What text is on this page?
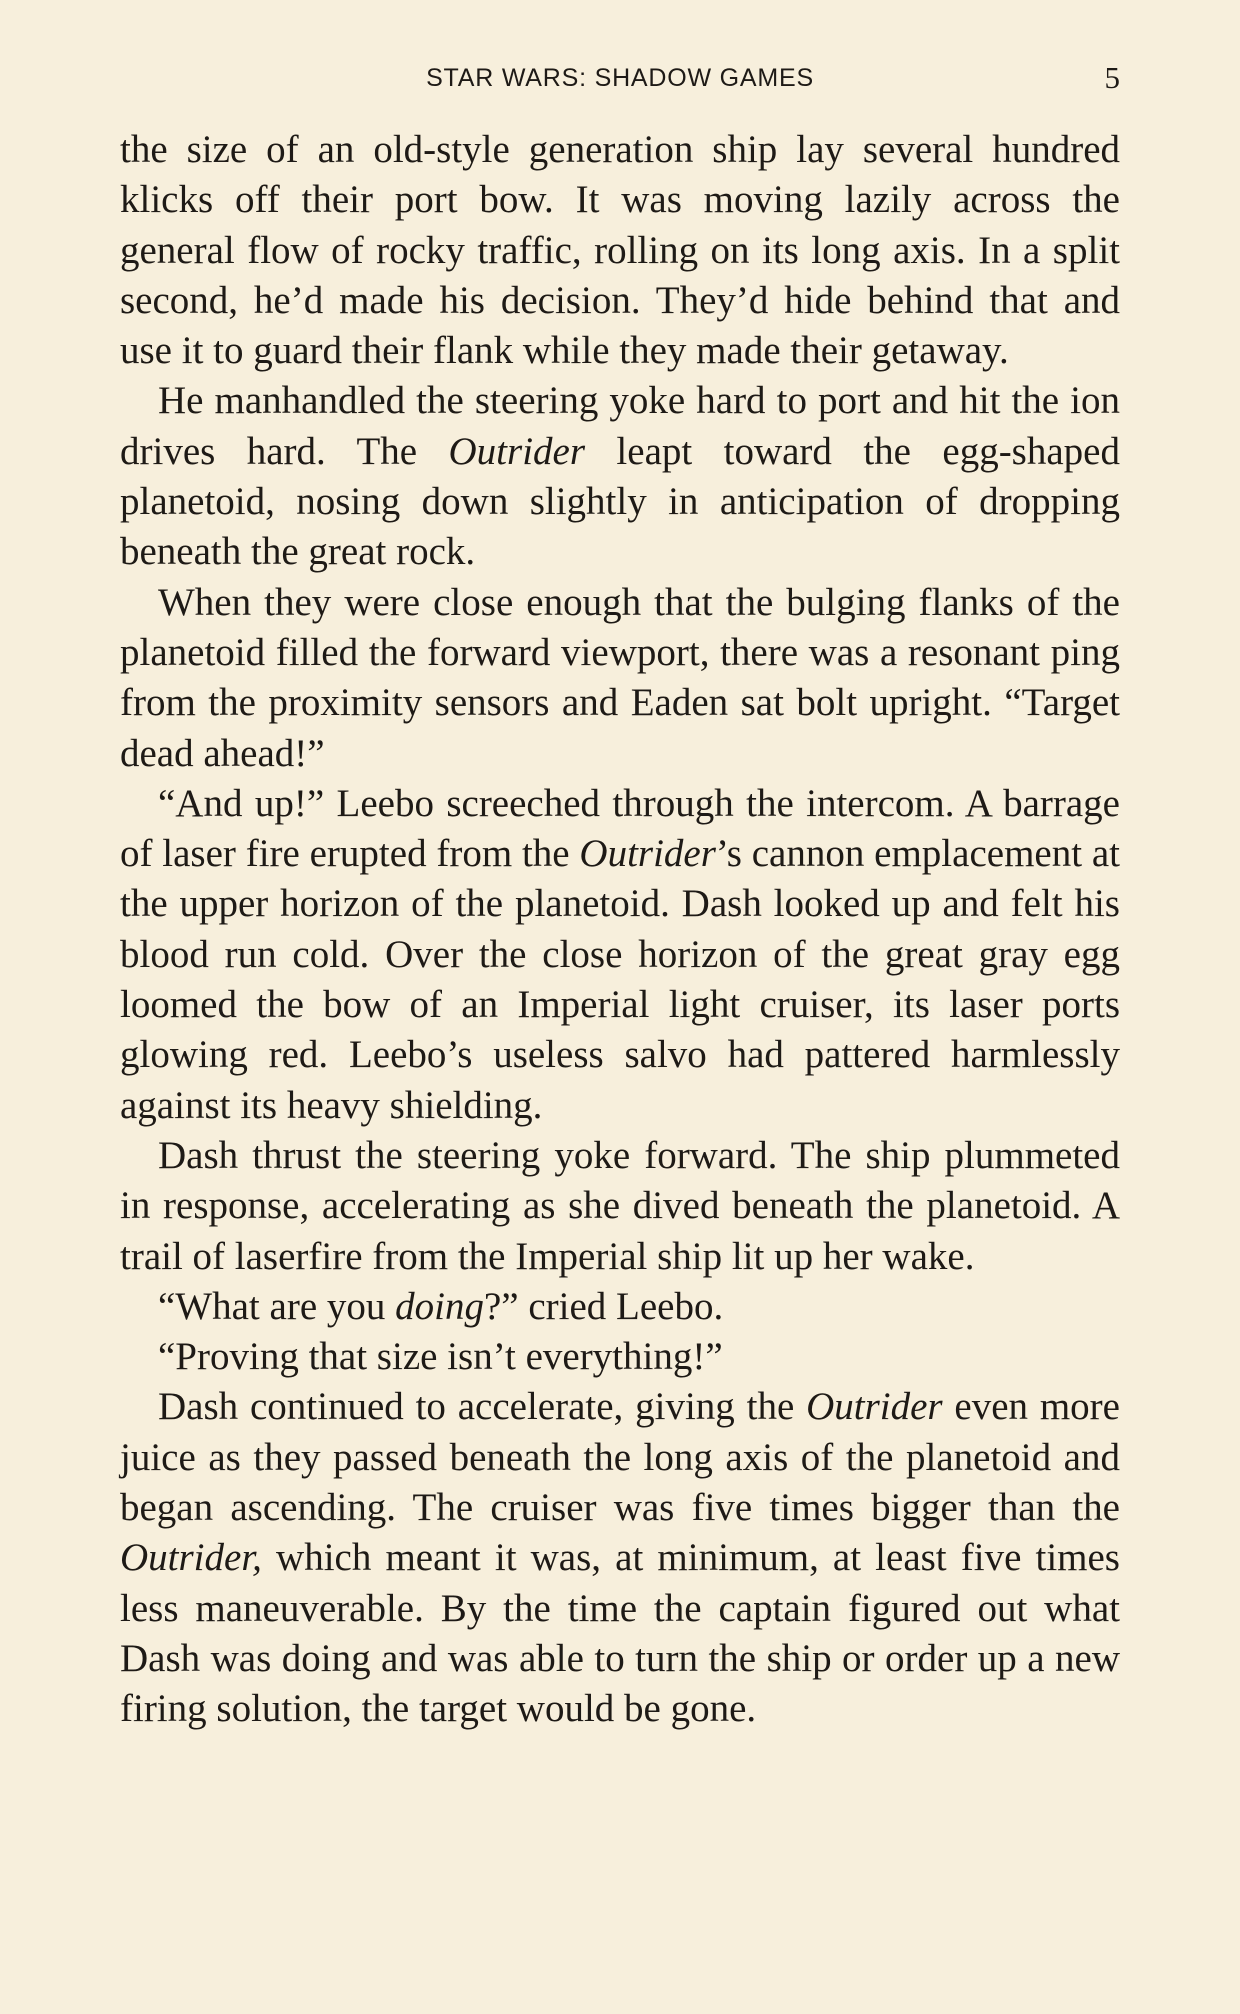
STAR WARS: SHADOW GAMES	5

the size of an old-style generation ship lay several hundred klicks off their port bow. It was moving lazily across the general flow of rocky traffic, rolling on its long axis. In a split second, he’d made his decision. They’d hide behind that and use it to guard their flank while they made their getaway.

He manhandled the steering yoke hard to port and hit the ion drives hard. The Outrider leapt toward the egg-shaped planetoid, nosing down slightly in anticipation of dropping beneath the great rock.

When they were close enough that the bulging flanks of the planetoid filled the forward viewport, there was a resonant ping from the proximity sensors and Eaden sat bolt upright. “Target dead ahead!”

“And up!” Leebo screeched through the intercom. A barrage of laser fire erupted from the Outrider’s cannon emplacement at the upper horizon of the planetoid. Dash looked up and felt his blood run cold. Over the close horizon of the great gray egg loomed the bow of an Imperial light cruiser, its laser ports glowing red. Leebo’s useless salvo had pattered harmlessly against its heavy shielding.

Dash thrust the steering yoke forward. The ship plummeted in response, accelerating as she dived beneath the planetoid. A trail of laserfire from the Imperial ship lit up her wake.

“What are you doing?” cried Leebo.

“Proving that size isn’t everything!”

Dash continued to accelerate, giving the Outrider even more juice as they passed beneath the long axis of the planetoid and began ascending. The cruiser was five times bigger than the Outrider, which meant it was, at minimum, at least five times less maneuverable. By the time the captain figured out what Dash was doing and was able to turn the ship or order up a new firing solution, the target would be gone.
